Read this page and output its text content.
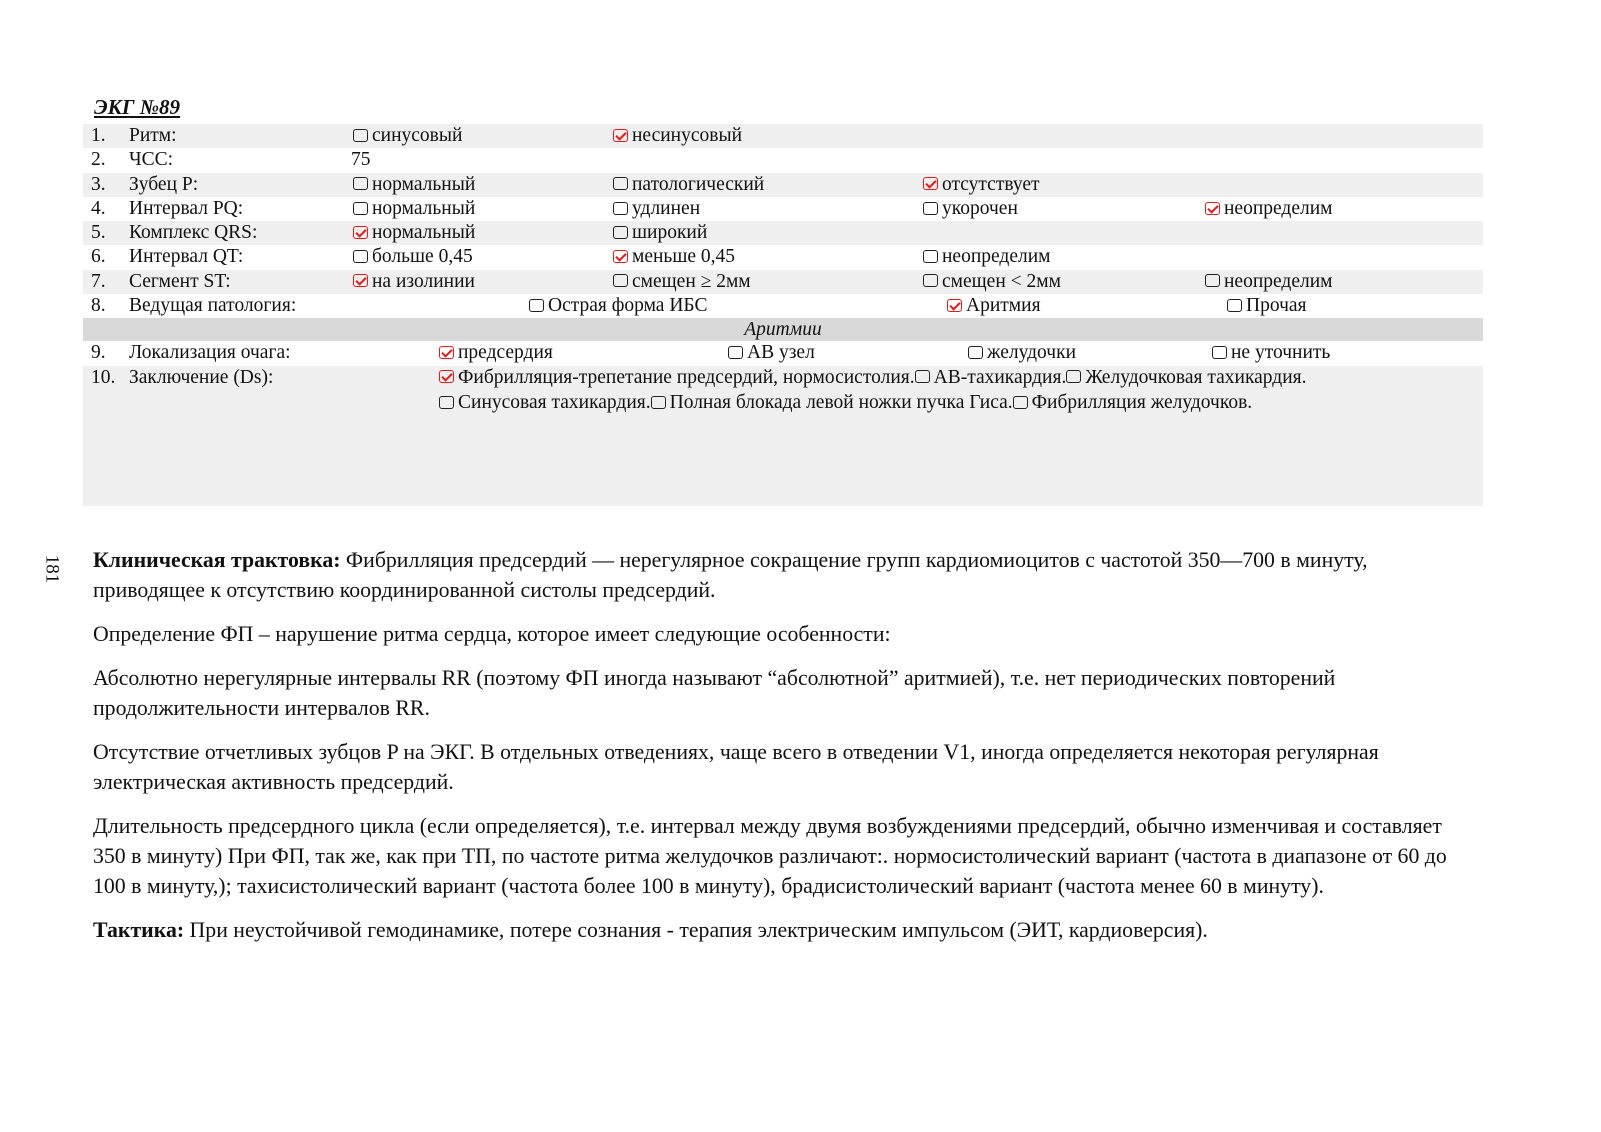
181
ЭКГ №89
1. Ритм:	синусовый	несинусовый
2. ЧСС:	75
3. Зубец P:	нормальный	патологический	отсутствует
4. Интервал PQ:	нормальный	удлинен	укорочен	неопределим
5. Комплекс QRS:	нормальный	широкий
6. Интервал QT:	больше 0,45	меньше 0,45	неопределим
7. Сегмент ST:	на изолинии	смещен ≥ 2мм	смещен < 2мм	неопределим
8. Ведущая патология:	Острая форма ИБС	Аритмия	Прочая
Аритмии
9. Локализация очага:	предсердия	АВ узел	желудочки	не уточнить
10. Заключение (Ds):	Фибрилляция-трепетание предсердий, нормосистолия. АВ-тахикардия. Желудочковая тахикардия.
Синусовая тахикардия. Полная блокада левой ножки пучка Гиса. Фибрилляция желудочков.

Клиническая трактовка: Фибрилляция предсердий — нерегулярное сокращение групп кардиомиоцитов с частотой 350—700 в минуту, приводящее к отсутствию координированной систолы предсердий.

Определение ФП – нарушение ритма сердца, которое имеет следующие особенности:

Абсолютно нерегулярные интервалы RR (поэтому ФП иногда называют “абсолютной” аритмией), т.е. нет периодических повторений продолжительности интервалов RR.

Отсутствие отчетливых зубцов P на ЭКГ. В отдельных отведениях, чаще всего в отведении V1, иногда определяется некоторая регулярная электрическая активность предсердий.

Длительность предсердного цикла (если определяется), т.е. интервал между двумя возбуждениями предсердий, обычно изменчивая и составляет 350 в минуту) При ФП, так же, как при ТП, по частоте ритма желудочков различают:. нормосистолический вариант (частота в диапазоне от 60 до 100 в минуту,); тахисистолический вариант (частота более 100 в минуту), брадисистолический вариант (частота менее 60 в минуту).

Тактика: При неустойчивой гемодинамике, потере сознания - терапия электрическим импульсом (ЭИТ, кардиоверсия).
